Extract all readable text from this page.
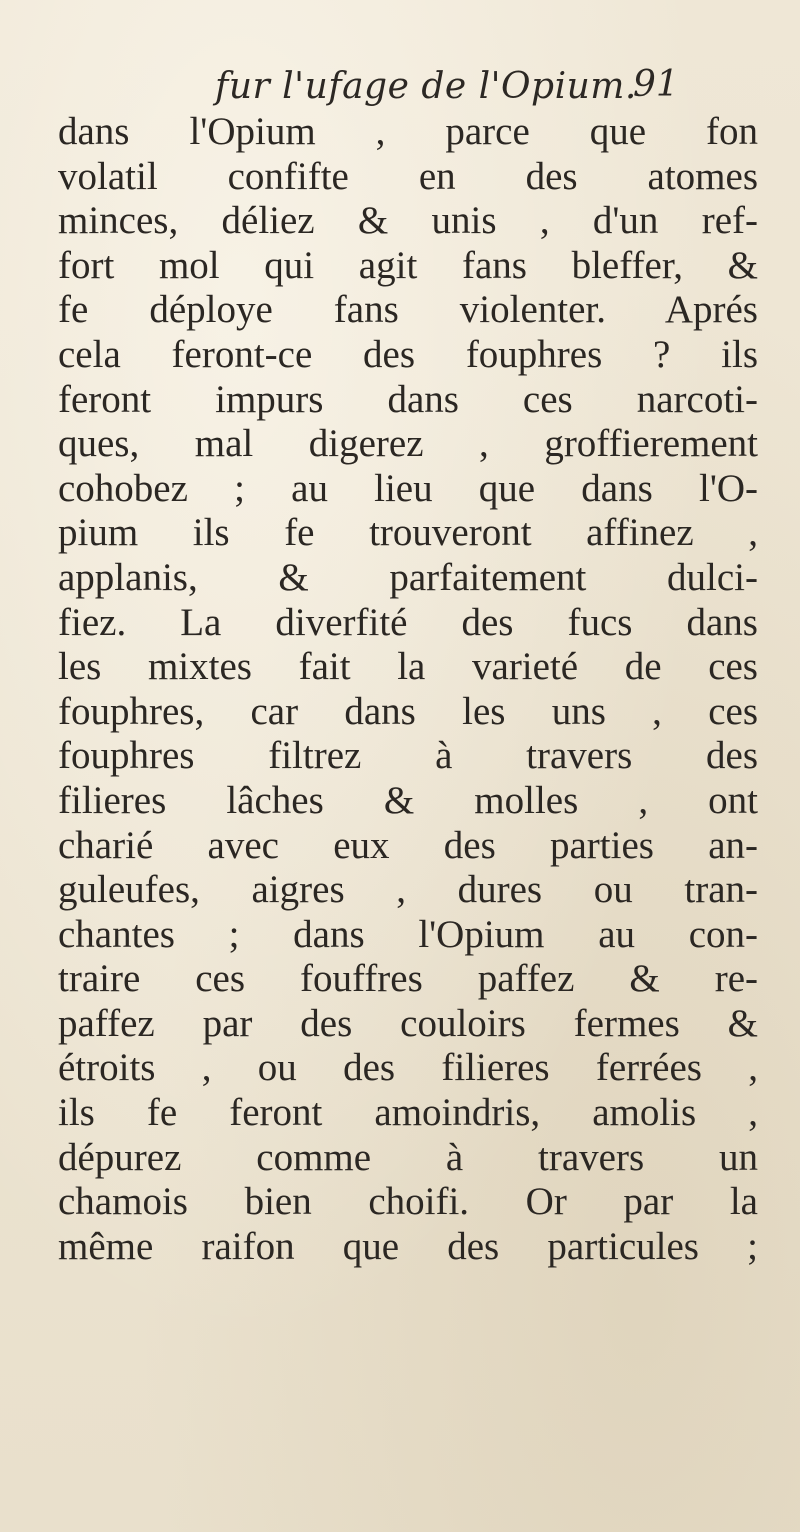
fur l'ufage de l'Opium.
91
dans l'Opium , parce que fon
volatil confifte en des atomes
minces, déliez & unis , d'un ref-
fort mol qui agit fans bleffer, &
fe déploye fans violenter. Aprés
cela feront-ce des fouphres ? ils
feront impurs dans ces narcoti-
ques, mal digerez , groffierement
cohobez ; au lieu que dans l'O-
pium ils fe trouveront affinez ,
applanis, & parfaitement dulci-
fiez. La diverfité des fucs dans
les mixtes fait la varieté de ces
fouphres, car dans les uns , ces
fouphres filtrez à travers des
filieres lâches & molles , ont
charié avec eux des parties an-
guleufes, aigres , dures ou tran-
chantes ; dans l'Opium au con-
traire ces fouffres paffez & re-
paffez par des couloirs fermes &
étroits , ou des filieres ferrées ,
ils fe feront amoindris, amolis ,
dépurez comme à travers un
chamois bien choifi. Or par la
même raifon que des particules ;
